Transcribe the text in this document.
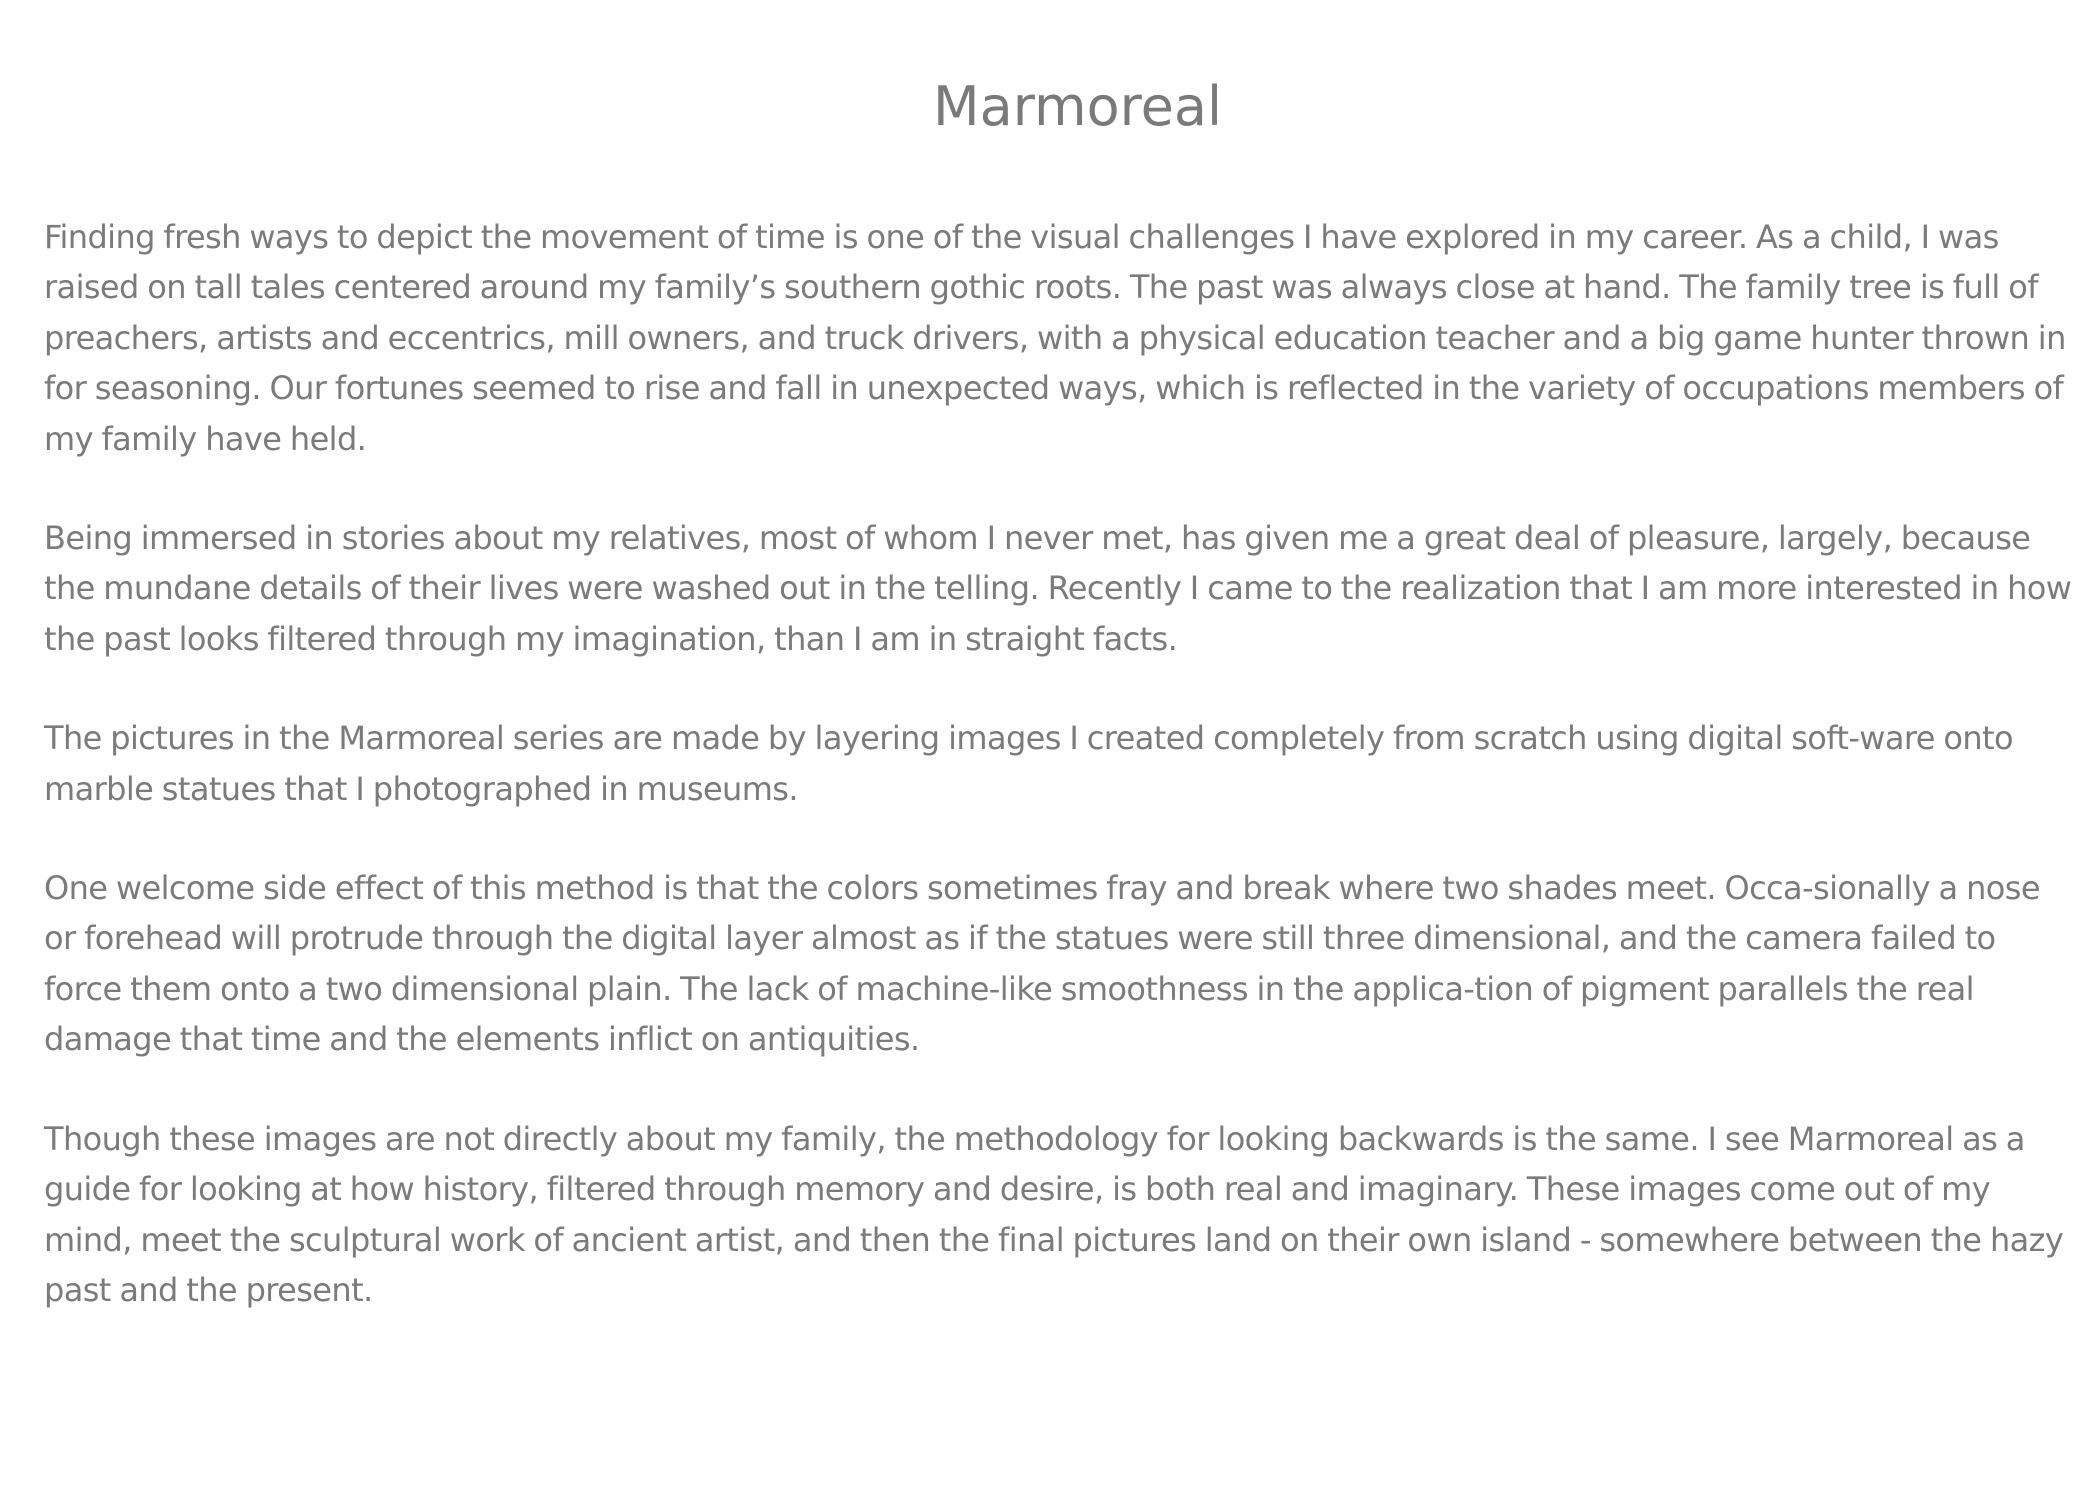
Marmoreal

Finding fresh ways to depict the movement of time is one of the visual challenges I have explored in my career. As a child, I was raised on tall tales centered around my family’s southern gothic roots. The past was always close at hand. The family tree is full of preachers, artists and eccentrics, mill owners, and truck drivers, with a physical education teacher and a big game hunter thrown in for seasoning. Our fortunes seemed to rise and fall in unexpected ways, which is reflected in the variety of occupations members of my family have held.

Being immersed in stories about my relatives, most of whom I never met, has given me a great deal of pleasure, largely, because the mundane details of their lives were washed out in the telling. Recently I came to the realization that I am more interested in how the past looks filtered through my imagination, than I am in straight facts.

The pictures in the Marmoreal series are made by layering images I created completely from scratch using digital soft-ware onto marble statues that I photographed in museums.

One welcome side effect of this method is that the colors sometimes fray and break where two shades meet. Occa-sionally a nose or forehead will protrude through the digital layer almost as if the statues were still three dimensional, and the camera failed to force them onto a two dimensional plain. The lack of machine-like smoothness in the applica-tion of pigment parallels the real damage that time and the elements inflict on antiquities.

Though these images are not directly about my family, the methodology for looking backwards is the same. I see Marmoreal as a guide for looking at how history, filtered through memory and desire, is both real and imaginary. These images come out of my mind, meet the sculptural work of ancient artist, and then the final pictures land on their own island - somewhere between the hazy past and the present.
